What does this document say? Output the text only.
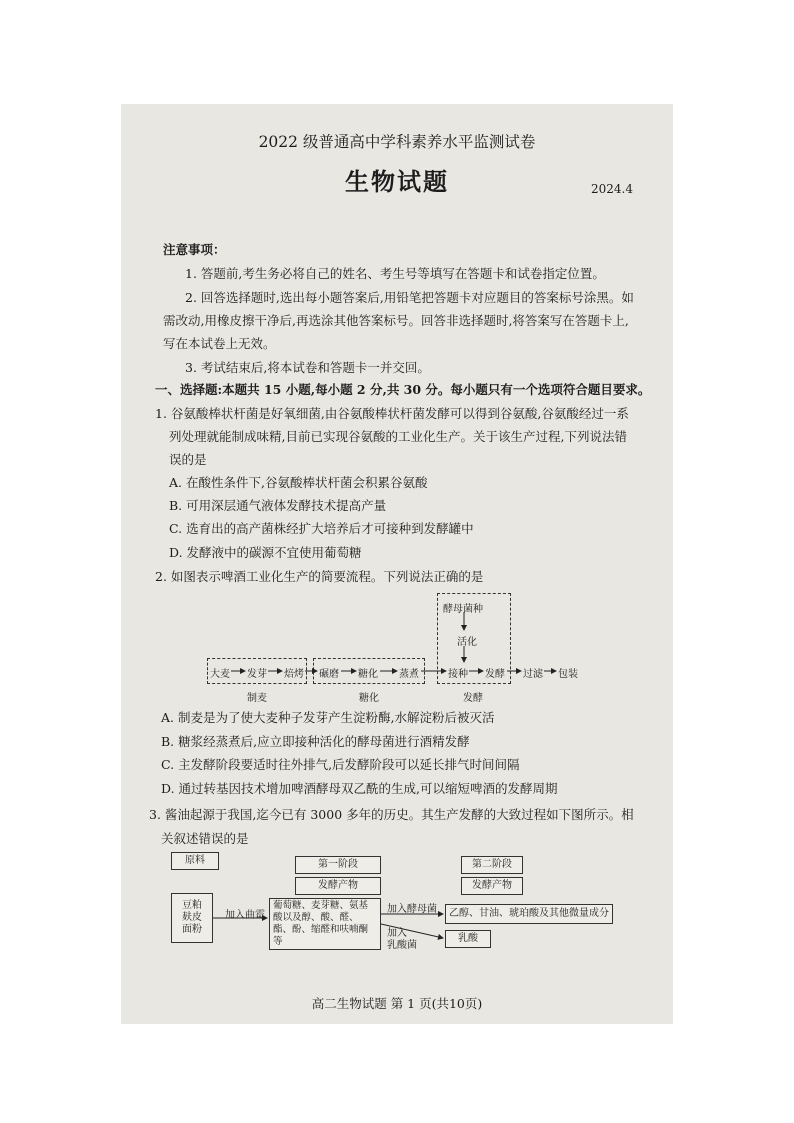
2022 级普通高中学科素养水平监测试卷
生物试题	2024.4
注意事项：
1. 答题前,考生务必将自己的姓名、考生号等填写在答题卡和试卷指定位置。
2. 回答选择题时,选出每小题答案后,用铅笔把答题卡对应题目的答案标号涂黑。如
需改动,用橡皮擦干净后,再选涂其他答案标号。回答非选择题时,将答案写在答题卡上,
写在本试卷上无效。
3. 考试结束后,将本试卷和答题卡一并交回。
一、选择题:本题共 15 小题,每小题 2 分,共 30 分。每小题只有一个选项符合题目要求。
1. 谷氨酸棒状杆菌是好氧细菌,由谷氨酸棒状杆菌发酵可以得到谷氨酸,谷氨酸经过一系
列处理就能制成味精,目前已实现谷氨酸的工业化生产。关于该生产过程,下列说法错
误的是
A. 在酸性条件下,谷氨酸棒状杆菌会积累谷氨酸
B. 可用深层通气液体发酵技术提高产量
C. 选育出的高产菌株经扩大培养后才可接种到发酵罐中
D. 发酵液中的碳源不宜使用葡萄糖
2. 如图表示啤酒工业化生产的简要流程。下列说法正确的是
酵母菌种
活化
大麦 发芽 焙烤 碾磨 糖化 蒸煮	接种 发酵 过滤 包装
制麦	糖化	发酵
A. 制麦是为了使大麦种子发芽产生淀粉酶,水解淀粉后被灭活
B. 糖浆经蒸煮后,应立即接种活化的酵母菌进行酒精发酵
C. 主发酵阶段要适时往外排气,后发酵阶段可以延长排气时间间隔
D. 通过转基因技术增加啤酒酵母双乙酰的生成,可以缩短啤酒的发酵周期
3. 酱油起源于我国,迄今已有 3000 多年的历史。其生产发酵的大致过程如下图所示。相
关叙述错误的是
原料
豆粕
麸皮
面粉
加入曲霉
第一阶段
发酵产物
葡萄糖、麦芽糖、氨基酸以及醇、酸、醛、酯、酚、缩醛和呋喃酮等
加入酵母菌
加入
乳酸菌
第二阶段
发酵产物
乙醇、甘油、琥珀酸及其他微量成分
乳酸
高二生物试题 第 1 页(共10页)
